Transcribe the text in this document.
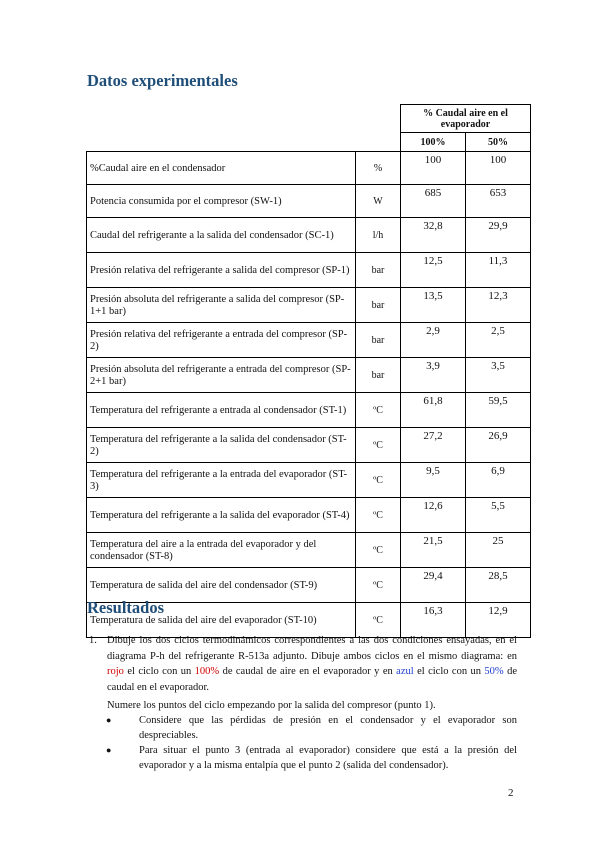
Datos experimentales
		% Caudal aire en el evaporador	
		100%	50%
%Caudal aire en el condensador	%	100	100
Potencia consumida por el compresor (SW-1)	W	685	653
Caudal del refrigerante a la salida del condensador (SC-1)	l/h	32,8	29,9
Presión relativa del refrigerante a salida del compresor (SP-1)	bar	12,5	11,3
Presión absoluta del refrigerante a salida del compresor (SP-1+1 bar)	bar	13,5	12,3
Presión relativa del refrigerante a entrada del compresor (SP-2)	bar	2,9	2,5
Presión absoluta del refrigerante a entrada del compresor (SP-2+1 bar)	bar	3,9	3,5
Temperatura del refrigerante a entrada al condensador (ST-1)	ºC	61,8	59,5
Temperatura del refrigerante a la salida del condensador (ST-2)	ºC	27,2	26,9
Temperatura del refrigerante a la entrada del evaporador (ST-3)	ºC	9,5	6,9
Temperatura del refrigerante a la salida del evaporador (ST-4)	ºC	12,6	5,5
Temperatura del aire a la entrada del evaporador y del condensador (ST-8)	ºC	21,5	25
Temperatura de salida del aire del condensador (ST-9)	ºC	29,4	28,5
Temperatura de salida del aire del evaporador (ST-10)	ºC	16,3	12,9
Resultados
1. Dibuje los dos ciclos termodinámicos correspondientes a las dos condiciones ensayadas, en el diagrama P-h del refrigerante R-513a adjunto. Dibuje ambos ciclos en el mismo diagrama: en rojo el ciclo con un 100% de caudal de aire en el evaporador y en azul el ciclo con un 50% de caudal en el evaporador.
Numere los puntos del ciclo empezando por la salida del compresor (punto 1).
●	Considere que las pérdidas de presión en el condensador y el evaporador son despreciables.
●	Para situar el punto 3 (entrada al evaporador) considere que está a la presión del evaporador y a la misma entalpía que el punto 2 (salida del condensador).
2
